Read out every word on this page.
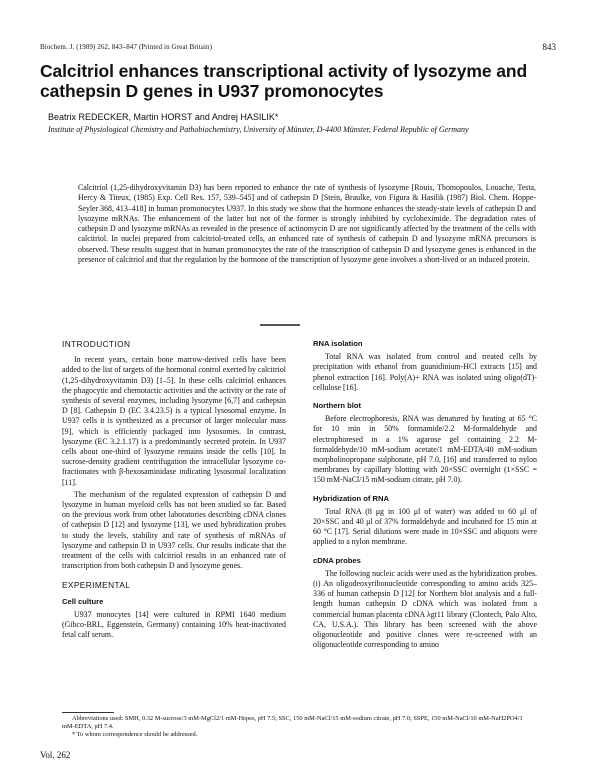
Biochem. J. (1989) 262, 843–847 (Printed in Great Britain)	843
Calcitriol enhances transcriptional activity of lysozyme and cathepsin D genes in U937 promonocytes
Beatrix REDECKER, Martin HORST and Andrej HASILIK*
Institute of Physiological Chemistry and Pathobiochemistry, University of Münster, D-4400 Münster, Federal Republic of Germany
Calcitriol (1,25-dihydroxyvitamin D3) has been reported to enhance the rate of synthesis of lysozyme [Rouis, Thomopoulos, Louache, Testa, Hercy & Titeux, (1985) Exp. Cell Res. 157, 539–545] and of cathepsin D [Stein, Braulke, von Figura & Hasilik (1987) Biol. Chem. Hoppe-Seyler 368, 413–418] in human promonocytes U937. In this study we show that the hormone enhances the steady-state levels of cathepsin D and lysozyme mRNAs. The enhancement of the latter but not of the former is strongly inhibited by cycloheximide. The degradation rates of cathepsin D and lysozyme mRNAs as revealed in the presence of actinomycin D are not significantly affected by the treatment of the cells with calcitriol. In nuclei prepared from calcitriol-treated cells, an enhanced rate of synthesis of cathepsin D and lysozyme mRNA precursors is observed. These results suggest that in human promonocytes the rate of the transcription of cathepsin D and lysozyme genes is enhanced in the presence of calcitriol and that the regulation by the hormone of the transcription of lysozyme gene involves a short-lived or an induced protein.
INTRODUCTION

In recent years, certain bone marrow-derived cells have been added to the list of targets of the hormonal control exerted by calcitriol (1,25-dihydroxyvitamin D3) [1–5]. In these cells calcitriol enhances the phagocytic and chemotactic activities and the activity or the rate of synthesis of several enzymes, including lysozyme [6,7] and cathepsin D [8]. Cathepsin D (EC 3.4.23.5) is a typical lysosomal enzyme. In U937 cells it is synthesized as a precursor of larger molecular mass [9], which is efficiently packaged into lysosomes. In contrast, lysozyme (EC 3.2.1.17) is a predominantly secreted protein. In U937 cells about one-third of lysozyme remains inside the cells [10]. In sucrose-density gradient centrifugation the intracellular lysozyme co-fractionates with β-hexosaminidase indicating lysosomal localization [11].

The mechanism of the regulated expression of cathepsin D and lysozyme in human myeloid cells has not been studied so far. Based on the previous work from other laboratories describing cDNA clones of cathepsin D [12] and lysozyme [13], we used hybridization probes to study the levels, stability and rate of synthesis of mRNAs of lysozyme and cathepsin D in U937 cells. Our results indicate that the treatment of the cells with calcitriol results in an enhanced rate of transcription from both cathepsin D and lysozyme genes.

EXPERIMENTAL
Cell culture

U937 monocytes [14] were cultured in RPMI 1640 medium (Gibco-BRL, Eggenstein, Germany) containing 10% heat-inactivated fetal calf serum.

RNA isolation

Total RNA was isolated from control and treated cells by precipitation with ethanol from guanidinium-HCl extracts [15] and phenol extraction [16]. Poly(A)+ RNA was isolated using oligo(dT)-cellulose [16].

Northern blot

Before electrophoresis, RNA was denatured by heating at 65 °C for 10 min in 50% formamide/2.2 M-formaldehyde and electrophoresed in a 1% agarose gel containing 2.2 M-formaldehyde/10 mM-sodium acetate/1 mM-EDTA/40 mM-sodium morpholinopropane sulphonate, pH 7.0, [16] and transferred to nylon membranes by capillary blotting with 20×SSC overnight (1×SSC = 150 mM-NaCl/15 mM-sodium citrate, pH 7.0).

Hybridization of RNA

Total RNA (8 μg in 100 μl of water) was added to 60 μl of 20×SSC and 40 μl of 37% formaldehyde and incubated for 15 min at 60 °C [17]. Serial dilutions were made in 10×SSC and aliquots were applied to a nylon membrane.

cDNA probes

The following nucleic acids were used as the hybridization probes. (i) An oligodeoxyribonucleotide corresponding to amino acids 325–336 of human cathepsin D [12] for Northern blot analysis and a full-length human cathepsin D cDNA which was isolated from a commercial human placenta cDNA λgt11 library (Clontech, Palo Alto, CA, U.S.A.). This library has been screened with the above oligonucleotide and positive clones were re-screened with an oligonucleotide corresponding to amino

Abbreviations used: SMH, 0.32 M-sucrose/3 mM-MgCl2/1 mM-Hepes, pH 7.5; SSC, 150 mM-NaCl/15 mM-sodium citrate, pH 7.0; SSPE, 150 mM-NaCl/10 mM-NaH2PO4/1 mM-EDTA, pH 7.4.

* To whom correspondence should be addressed.

Vol. 262
